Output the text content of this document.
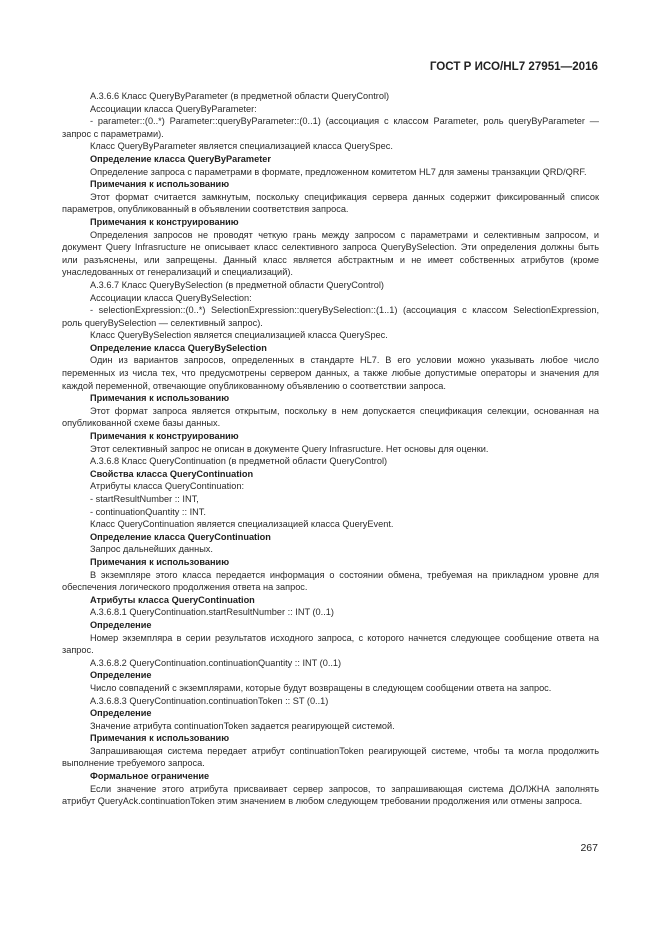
ГОСТ Р ИСО/HL7 27951—2016

A.3.6.6 Класс QueryByParameter (в предметной области QueryControl)

Ассоциации класса QueryByParameter:

- parameter::(0..*) Parameter::queryByParameter::(0..1) (ассоциация с классом Parameter, роль queryByParameter — запрос с параметрами).

Класс QueryByParameter является специализацией класса QuerySpec.

Определение класса QueryByParameter

Определение запроса с параметрами в формате, предложенном комитетом HL7 для замены транзакции QRD/QRF.

Примечания к использованию

Этот формат считается замкнутым, поскольку спецификация сервера данных содержит фиксированный список параметров, опубликованный в объявлении соответствия запроса.

Примечания к конструированию

Определения запросов не проводят четкую грань между запросом с параметрами и селективным запросом, и документ Query Infrasructure не описывает класс селективного запроса QueryBySelection. Эти определения должны быть или разъяснены, или запрещены. Данный класс является абстрактным и не имеет собственных атрибутов (кроме унаследованных от генерализаций и специализаций).

A.3.6.7 Класс QueryBySelection (в предметной области QueryControl)

Ассоциации класса QueryBySelection:

- selectionExpression::(0..*) SelectionExpression::queryBySelection::(1..1) (ассоциация с классом SelectionExpression, роль queryBySelection — селективный запрос).

Класс QueryBySelection является специализацией класса QuerySpec.

Определение класса QueryBySelection

Один из вариантов запросов, определенных в стандарте HL7. В его условии можно указывать любое число переменных из числа тех, что предусмотрены сервером данных, а также любые допустимые операторы и значения для каждой переменной, отвечающие опубликованному объявлению о соответствии запроса.

Примечания к использованию

Этот формат запроса является открытым, поскольку в нем допускается спецификация селекции, основанная на опубликованной схеме базы данных.

Примечания к конструированию

Этот селективный запрос не описан в документе Query Infrasructure. Нет основы для оценки.

A.3.6.8 Класс QueryContinuation (в предметной области QueryControl)

Свойства класса QueryContinuation

Атрибуты класса QueryContinuation:

- startResultNumber :: INT,

- continuationQuantity :: INT.

Класс QueryContinuation является специализацией класса QueryEvent.

Определение класса QueryContinuation

Запрос дальнейших данных.

Примечания к использованию

В экземпляре этого класса передается информация о состоянии обмена, требуемая на прикладном уровне для обеспечения логического продолжения ответа на запрос.

Атрибуты класса QueryContinuation

A.3.6.8.1 QueryContinuation.startResultNumber :: INT (0..1)

Определение

Номер экземпляра в серии результатов исходного запроса, с которого начнется следующее сообщение ответа на запрос.

A.3.6.8.2 QueryContinuation.continuationQuantity :: INT (0..1)

Определение

Число совпадений с экземплярами, которые будут возвращены в следующем сообщении ответа на запрос.

A.3.6.8.3 QueryContinuation.continuationToken :: ST (0..1)

Определение

Значение атрибута continuationToken задается реагирующей системой.

Примечания к использованию

Запрашивающая система передает атрибут continuationToken реагирующей системе, чтобы та могла продолжить выполнение требуемого запроса.

Формальное ограничение

Если значение этого атрибута присваивает сервер запросов, то запрашивающая система ДОЛЖНА заполнять атрибут QueryAck.continuationToken этим значением в любом следующем требовании продолжения или отмены запроса.

267
